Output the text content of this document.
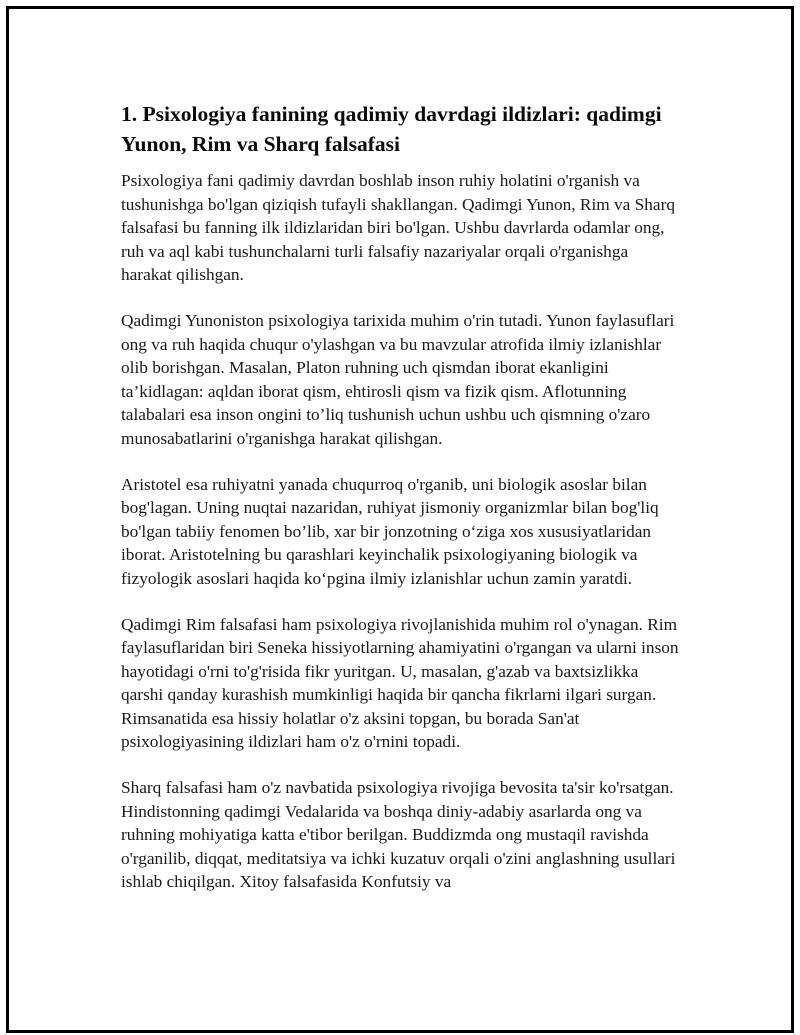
1. Psixologiya fanining qadimiy davrdagi ildizlari: qadimgi Yunon, Rim va Sharq falsafasi

Psixologiya fani qadimiy davrdan boshlab inson ruhiy holatini o'rganish va tushunishga bo'lgan qiziqish tufayli shakllangan. Qadimgi Yunon, Rim va Sharq falsafasi bu fanning ilk ildizlaridan biri bo'lgan. Ushbu davrlarda odamlar ong, ruh va aql kabi tushunchalarni turli falsafiy nazariyalar orqali o'rganishga harakat qilishgan.

Qadimgi Yunoniston psixologiya tarixida muhim o'rin tutadi. Yunon faylasuflari ong va ruh haqida chuqur o'ylashgan va bu mavzular atrofida ilmiy izlanishlar olib borishgan. Masalan, Platon ruhning uch qismdan iborat ekanligini ta’kidlagan: aqldan iborat qism, ehtirosli qism va fizik qism. Aflotunning talabalari esa inson ongini to’liq tushunish uchun ushbu uch qismning o'zaro munosabatlarini o'rganishga harakat qilishgan.

Aristotel esa ruhiyatni yanada chuqurroq o'rganib, uni biologik asoslar bilan bog'lagan. Uning nuqtai nazaridan, ruhiyat jismoniy organizmlar bilan bog'liq bo'lgan tabiiy fenomen bo’lib, xar bir jonzotning o‘ziga xos xususiyatlaridan iborat. Aristotelning bu qarashlari keyinchalik psixologiyaning biologik va fizyologik asoslari haqida ko‘pgina ilmiy izlanishlar uchun zamin yaratdi.

Qadimgi Rim falsafasi ham psixologiya rivojlanishida muhim rol o'ynagan. Rim faylasuflaridan biri Seneka hissiyotlarning ahamiyatini o'rgangan va ularni inson hayotidagi o'rni to'g'risida fikr yuritgan. U, masalan, g'azab va baxtsizlikka qarshi qanday kurashish mumkinligi haqida bir qancha fikrlarni ilgari surgan. Rimsanatida esa hissiy holatlar o'z aksini topgan, bu borada San'at psixologiyasining ildizlari ham o'z o'rnini topadi.

Sharq falsafasi ham o'z navbatida psixologiya rivojiga bevosita ta'sir ko'rsatgan. Hindistonning qadimgi Vedalarida va boshqa diniy-adabiy asarlarda ong va ruhning mohiyatiga katta e'tibor berilgan. Buddizmda ong mustaqil ravishda o'rganilib, diqqat, meditatsiya va ichki kuzatuv orqali o'zini anglashning usullari ishlab chiqilgan. Xitoy falsafasida Konfutsiy va
